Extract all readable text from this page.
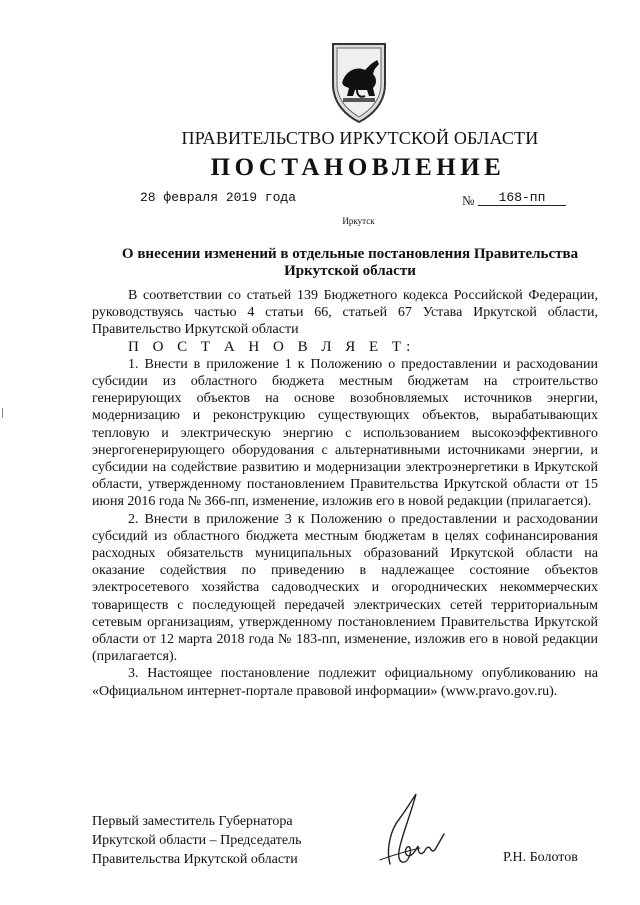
ПРАВИТЕЛЬСТВО ИРКУТСКОЙ ОБЛАСТИ
ПОСТАНОВЛЕНИЕ
28 февраля 2019 года	№	168-пп
Иркутск
О внесении изменений в отдельные постановления Правительства Иркутской области

В соответствии со статьей 139 Бюджетного кодекса Российской Федерации, руководствуясь частью 4 статьи 66, статьей 67 Устава Иркутской области, Правительство Иркутской области

П О С Т А Н О В Л Я Е Т:

1. Внести в приложение 1 к Положению о предоставлении и расходовании субсидии из областного бюджета местным бюджетам на строительство генерирующих объектов на основе возобновляемых источников энергии, модернизацию и реконструкцию существующих объектов, вырабатывающих тепловую и электрическую энергию с использованием высокоэффективного энергогенерирующего оборудования с альтернативными источниками энергии, и субсидии на содействие развитию и модернизации электроэнергетики в Иркутской области, утвержденному постановлением Правительства Иркутской области от 15 июня 2016 года № 366-пп, изменение, изложив его в новой редакции (прилагается).

2. Внести в приложение 3 к Положению о предоставлении и расходовании субсидий из областного бюджета местным бюджетам в целях софинансирования расходных обязательств муниципальных образований Иркутской области на оказание содействия по приведению в надлежащее состояние объектов электросетевого хозяйства садоводческих и огороднических некоммерческих товариществ с последующей передачей электрических сетей территориальным сетевым организациям, утвержденному постановлением Правительства Иркутской области от 12 марта 2018 года № 183-пп, изменение, изложив его в новой редакции (прилагается).

3. Настоящее постановление подлежит официальному опубликованию на «Официальном интернет-портале правовой информации» (www.pravo.gov.ru).

Первый заместитель Губернатора
Иркутской области – Председатель
Правительства Иркутской области	Р.Н. Болотов
